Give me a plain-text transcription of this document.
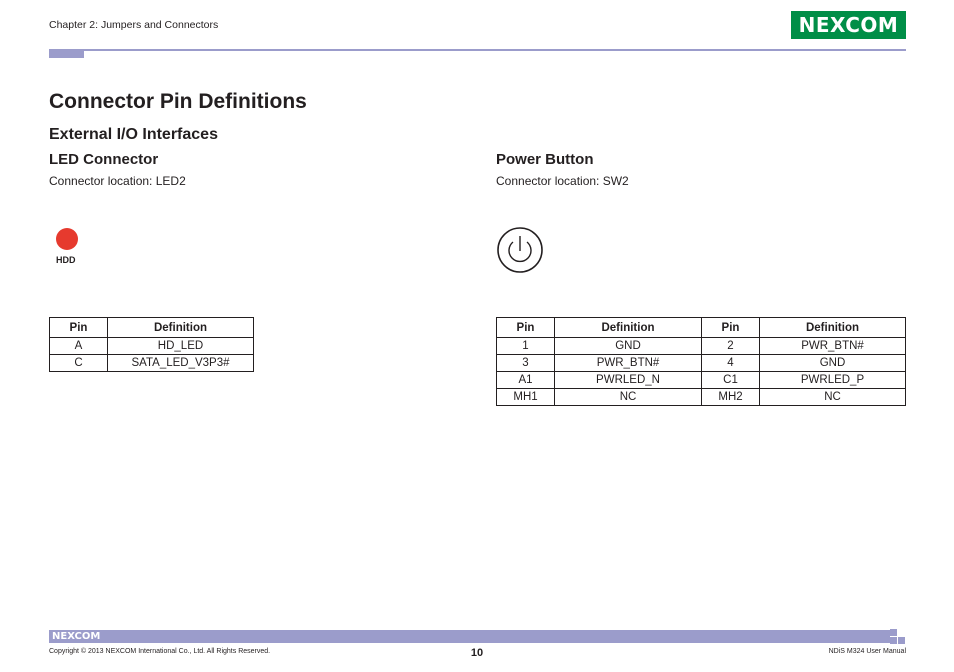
Chapter 2: Jumpers and Connectors	NEXCOM
Connector Pin Definitions
External I/O Interfaces
LED Connector
Connector location: LED2
HDD
Pin	Definition
A	HD_LED
C	SATA_LED_V3P3#
Power Button
Connector location: SW2
Pin	Definition	Pin	Definition
1	GND	2	PWR_BTN#
3	PWR_BTN#	4	GND
A1	PWRLED_N	C1	PWRLED_P
MH1	NC	MH2	NC
NEXCOM
Copyright © 2013 NEXCOM International Co., Ltd. All Rights Reserved.	10	NDiS M324 User Manual
